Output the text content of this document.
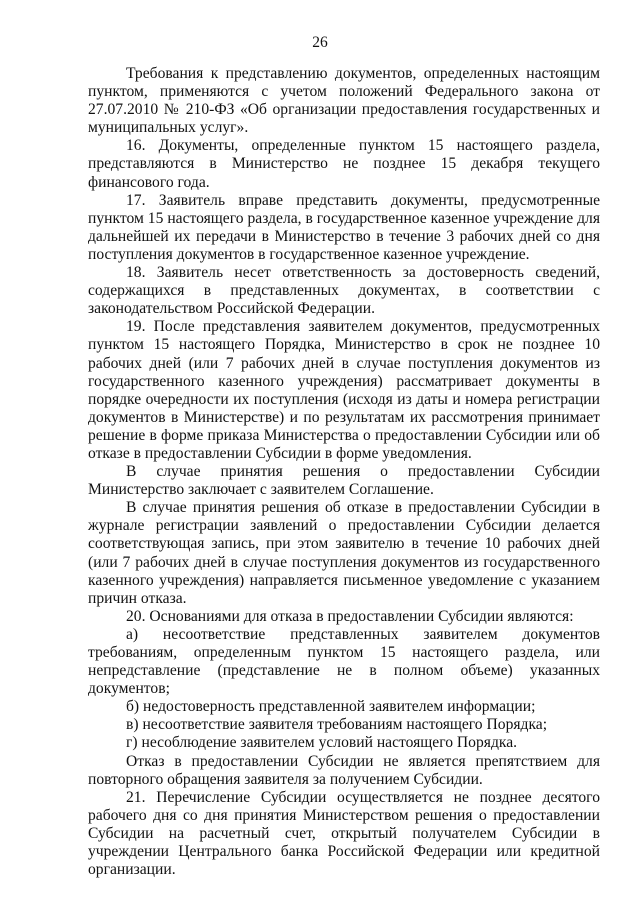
26

Требования к представлению документов, определенных настоящим пунктом, применяются с учетом положений Федерального закона от 27.07.2010 № 210-ФЗ «Об организации предоставления государственных и муниципальных услуг».

16. Документы, определенные пунктом 15 настоящего раздела, представляются в Министерство не позднее 15 декабря текущего финансового года.

17. Заявитель вправе представить документы, предусмотренные пунктом 15 настоящего раздела, в государственное казенное учреждение для дальнейшей их передачи в Министерство в течение 3 рабочих дней со дня поступления документов в государственное казенное учреждение.

18. Заявитель несет ответственность за достоверность сведений, содержащихся в представленных документах, в соответствии с законодательством Российской Федерации.

19. После представления заявителем документов, предусмотренных пунктом 15 настоящего Порядка, Министерство в срок не позднее 10 рабочих дней (или 7 рабочих дней в случае поступления документов из государственного казенного учреждения) рассматривает документы в порядке очередности их поступления (исходя из даты и номера регистрации документов в Министерстве) и по результатам их рассмотрения принимает решение в форме приказа Министерства о предоставлении Субсидии или об отказе в предоставлении Субсидии в форме уведомления.

В случае принятия решения о предоставлении Субсидии Министерство заключает с заявителем Соглашение.

В случае принятия решения об отказе в предоставлении Субсидии в журнале регистрации заявлений о предоставлении Субсидии делается соответствующая запись, при этом заявителю в течение 10 рабочих дней (или 7 рабочих дней в случае поступления документов из государственного казенного учреждения) направляется письменное уведомление с указанием причин отказа.

20. Основаниями для отказа в предоставлении Субсидии являются:

а) несоответствие представленных заявителем документов требованиям, определенным пунктом 15 настоящего раздела, или непредставление (представление не в полном объеме) указанных документов;

б) недостоверность представленной заявителем информации;

в) несоответствие заявителя требованиям настоящего Порядка;

г) несоблюдение заявителем условий настоящего Порядка.

Отказ в предоставлении Субсидии не является препятствием для повторного обращения заявителя за получением Субсидии.

21. Перечисление Субсидии осуществляется не позднее десятого рабочего дня со дня принятия Министерством решения о предоставлении Субсидии на расчетный счет, открытый получателем Субсидии в учреждении Центрального банка Российской Федерации или кредитной организации.
